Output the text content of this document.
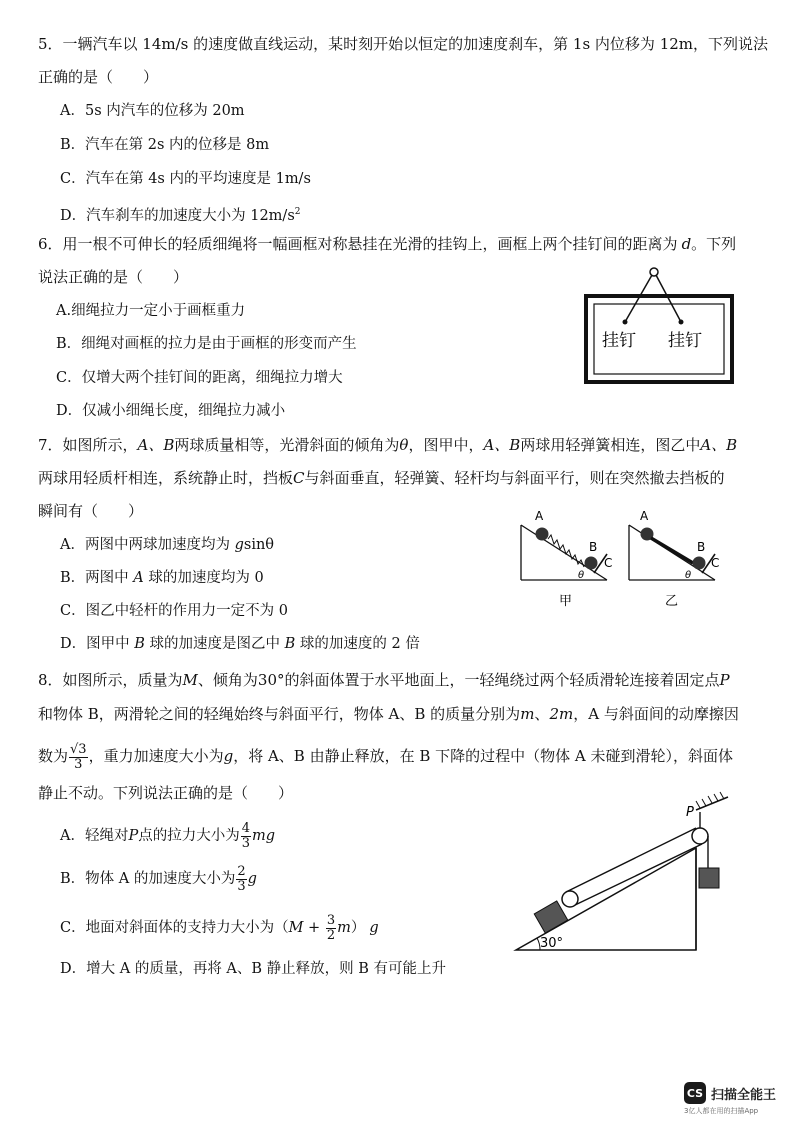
5．一辆汽车以 14m/s 的速度做直线运动，某时刻开始以恒定的加速度刹车，第 1s 内位移为 12m，下列说法
正确的是（　　）
A．5s 内汽车的位移为 20m
B．汽车在第 2s 内的位移是 8m
C．汽车在第 4s 内的平均速度是 1m/s
D．汽车刹车的加速度大小为 $12m/s^2$
6．用一根不可伸长的轻质细绳将一幅画框对称悬挂在光滑的挂钩上，画框上两个挂钉间的距离为 d。下列
说法正确的是（　　）
A.细绳拉力一定小于画框重力
B．细绳对画框的拉力是由于画框的形变而产生
C．仅增大两个挂钉间的距离，细绳拉力增大
D．仅减小细绳长度，细绳拉力减小
挂钉 挂钉
7．如图所示，A、B两球质量相等，光滑斜面的倾角为θ，图甲中，A、B两球用轻弹簧相连，图乙中A、B
两球用轻质杆相连，系统静止时，挡板C与斜面垂直，轻弹簧、轻杆均与斜面平行，则在突然撤去挡板的
瞬间有（　　）
A．两图中两球加速度均为 gsinθ
B．两图中 A 球的加速度均为 0
C．图乙中轻杆的作用力一定不为 0
D．图甲中 B 球的加速度是图乙中 B 球的加速度的 2 倍
A
B
C
θ
甲
A
B
C
θ
乙
8．如图所示，质量为M、倾角为30°的斜面体置于水平地面上，一轻绳绕过两个轻质滑轮连接着固定点P
和物体 B，两滑轮之间的轻绳始终与斜面平行，物体 A、B 的质量分别为m、2m，A 与斜面间的动摩擦因
数为 $\frac{√3}{3}$ ，重力加速度大小为g，将 A、B 由静止释放，在 B 下降的过程中（物体 A 未碰到滑轮），斜面体
静止不动。下列说法正确的是（　　）
A．轻绳对P点的拉力大小为 $\frac{4}{3}$ mg
B．物体 A 的加速度大小为 $\frac{2}{3}$ g
C．地面对斜面体的支持力大小为$(M + \frac{3}{2} m)$ g
D．增大 A 的质量，再将 A、B 静止释放，则 B 有可能上升
P
30°
CS 扫描全能王
3亿人都在用的扫描App
